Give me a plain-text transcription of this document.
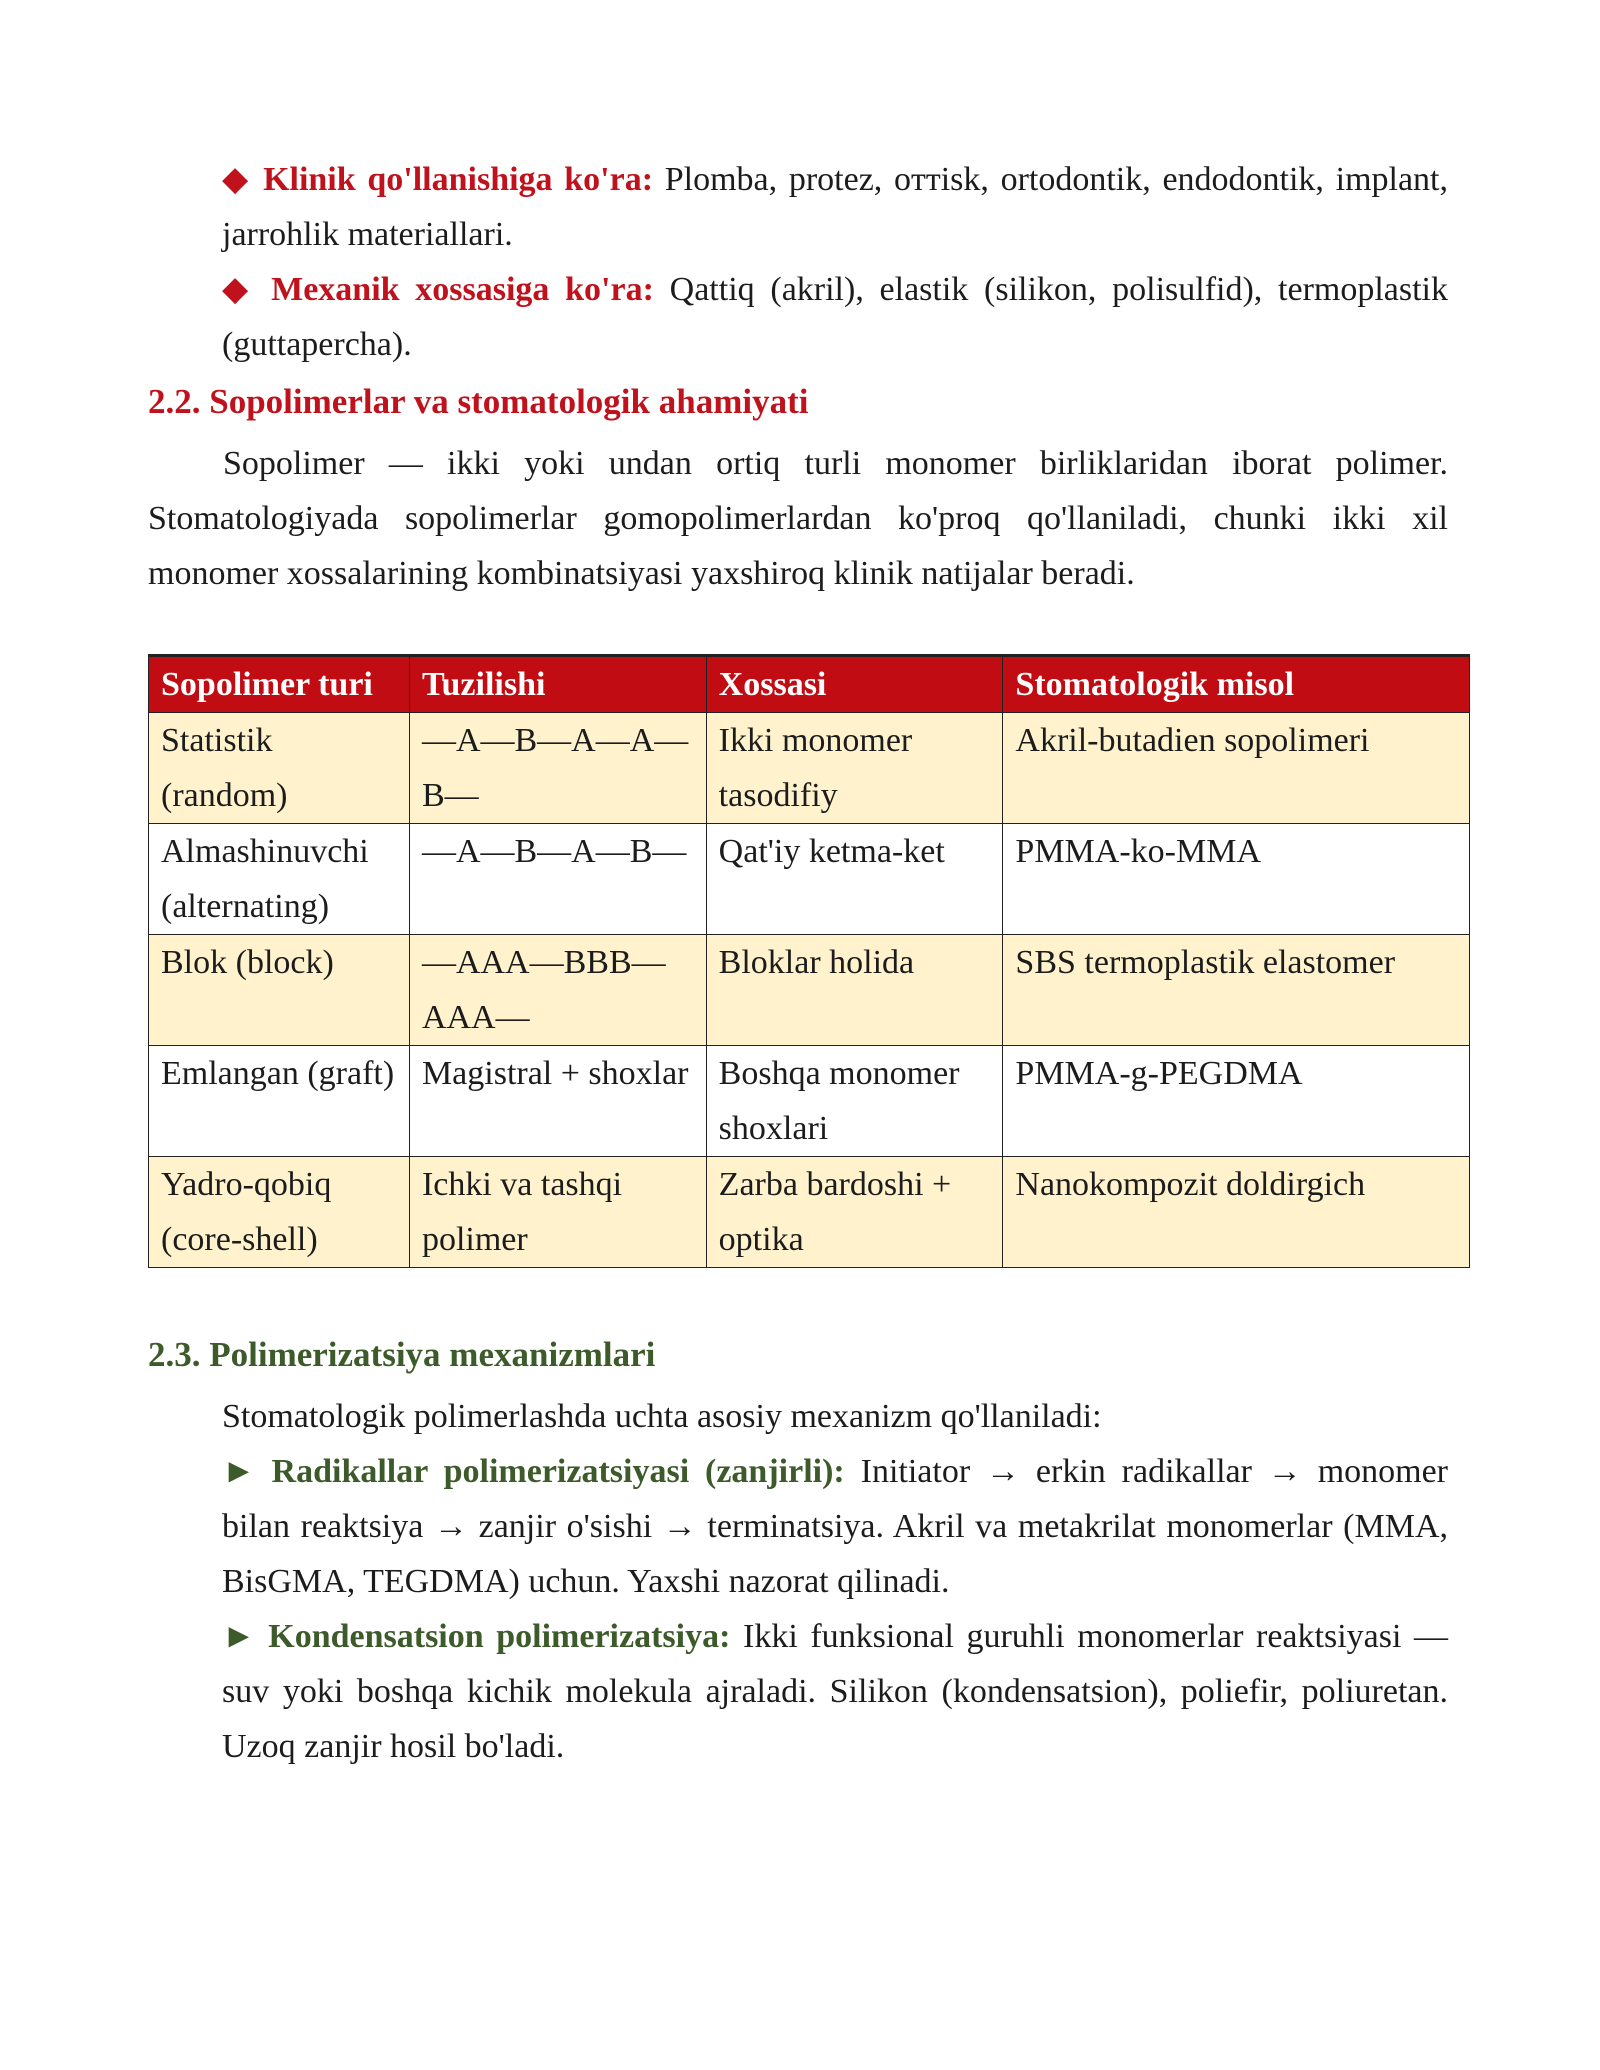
◆ Klinik qo'llanishiga ko'ra: Plomba, protez, oттisk, ortodontik, endodontik, implant, jarrohlik materiallari.

◆ Mexanik xossasiga ko'ra: Qattiq (akril), elastik (silikon, polisulfid), termoplastik (guttapercha).

2.2. Sopolimerlar va stomatologik ahamiyati

Sopolimer — ikki yoki undan ortiq turli monomer birliklaridan iborat polimer. Stomatologiyada sopolimerlar gomopolimerlardan ko'proq qo'llaniladi, chunki ikki xil monomer xossalarining kombinatsiyasi yaxshiroq klinik natijalar beradi.

Sopolimer turi	Tuzilishi	Xossasi	Stomatologik misol
Statistik (random)	—A—B—A—A—B—	Ikki monomer tasodifiy	Akril-butadien sopolimeri
Almashinuvchi (alternating)	—A—B—A—B—	Qat'iy ketma-ket	PMMA-ko-MMA
Blok (block)	—AAA—BBB—AAA—	Bloklar holida	SBS termoplastik elastomer
Emlangan (graft)	Magistral + shoxlar	Boshqa monomer shoxlari	PMMA-g-PEGDMA
Yadro-qobiq (core-shell)	Ichki va tashqi polimer	Zarba bardoshi + optika	Nanokompozit doldirgich
2.3. Polimerizatsiya mexanizmlari

Stomatologik polimerlashda uchta asosiy mexanizm qo'llaniladi:

► Radikallar polimerizatsiyasi (zanjirli): Initiator → erkin radikallar → monomer bilan reaktsiya → zanjir o'sishi → terminatsiya. Akril va metakrilat monomerlar (MMA, BisGMA, TEGDMA) uchun. Yaxshi nazorat qilinadi.

► Kondensatsion polimerizatsiya: Ikki funksional guruhli monomerlar reaktsiyasi — suv yoki boshqa kichik molekula ajraladi. Silikon (kondensatsion), poliefir, poliuretan. Uzoq zanjir hosil bo'ladi.
